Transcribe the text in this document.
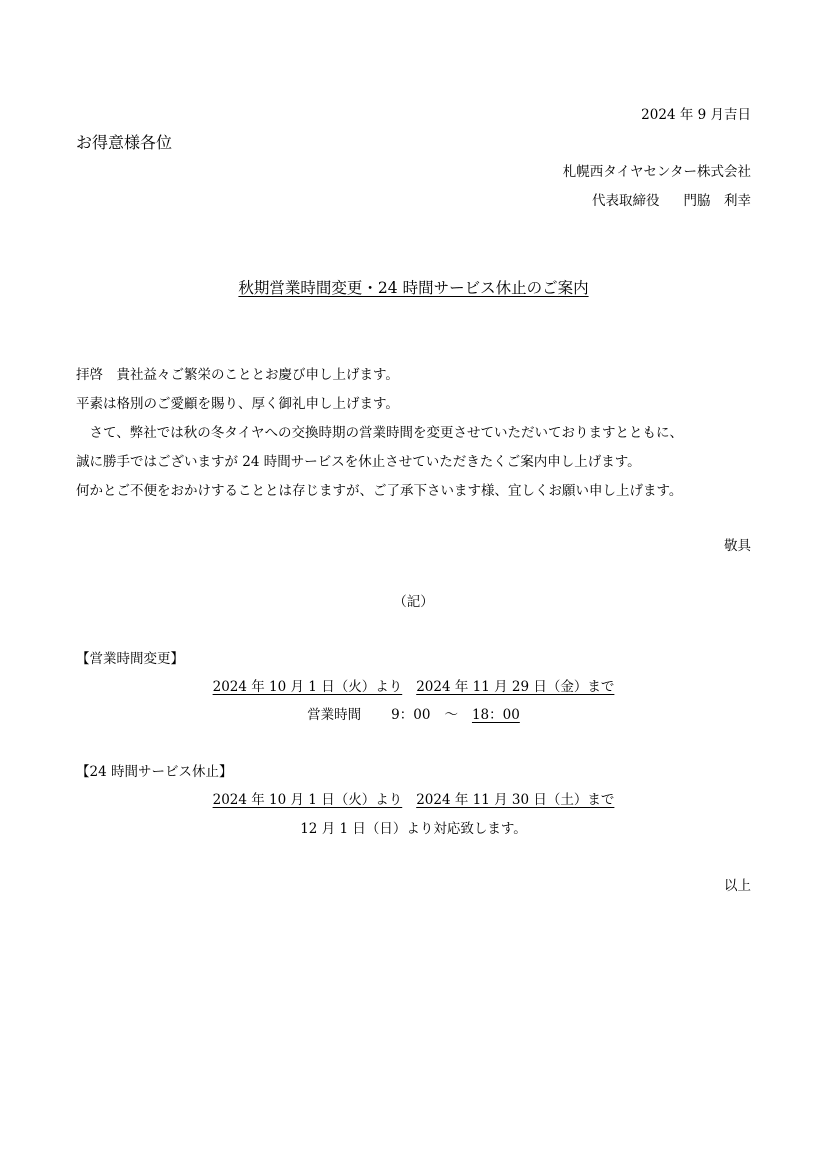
2024 年 9 月吉日
お得意様各位
札幌西タイヤセンター株式会社
代表取締役 門脇　利幸
秋期営業時間変更・24 時間サービス休止のご案内
拝啓　貴社益々ご繁栄のこととお慶び申し上げます。
平素は格別のご愛顧を賜り、厚く御礼申し上げます。
　さて、弊社では秋の冬タイヤへの交換時期の営業時間を変更させていただいておりますとともに、
誠に勝手ではございますが 24 時間サービスを休止させていただきたくご案内申し上げます。
何かとご不便をおかけすることとは存じますが、ご了承下さいます様、宜しくお願い申し上げます。
敬具
（記）
【営業時間変更】
2024 年 10 月 1 日（火）より 2024 年 11 月 29 日（金）まで
営業時間 9：00 ～ 18：00
【24 時間サービス休止】
2024 年 10 月 1 日（火）より 2024 年 11 月 30 日（土）まで
12 月 1 日（日）より対応致します。
以上
